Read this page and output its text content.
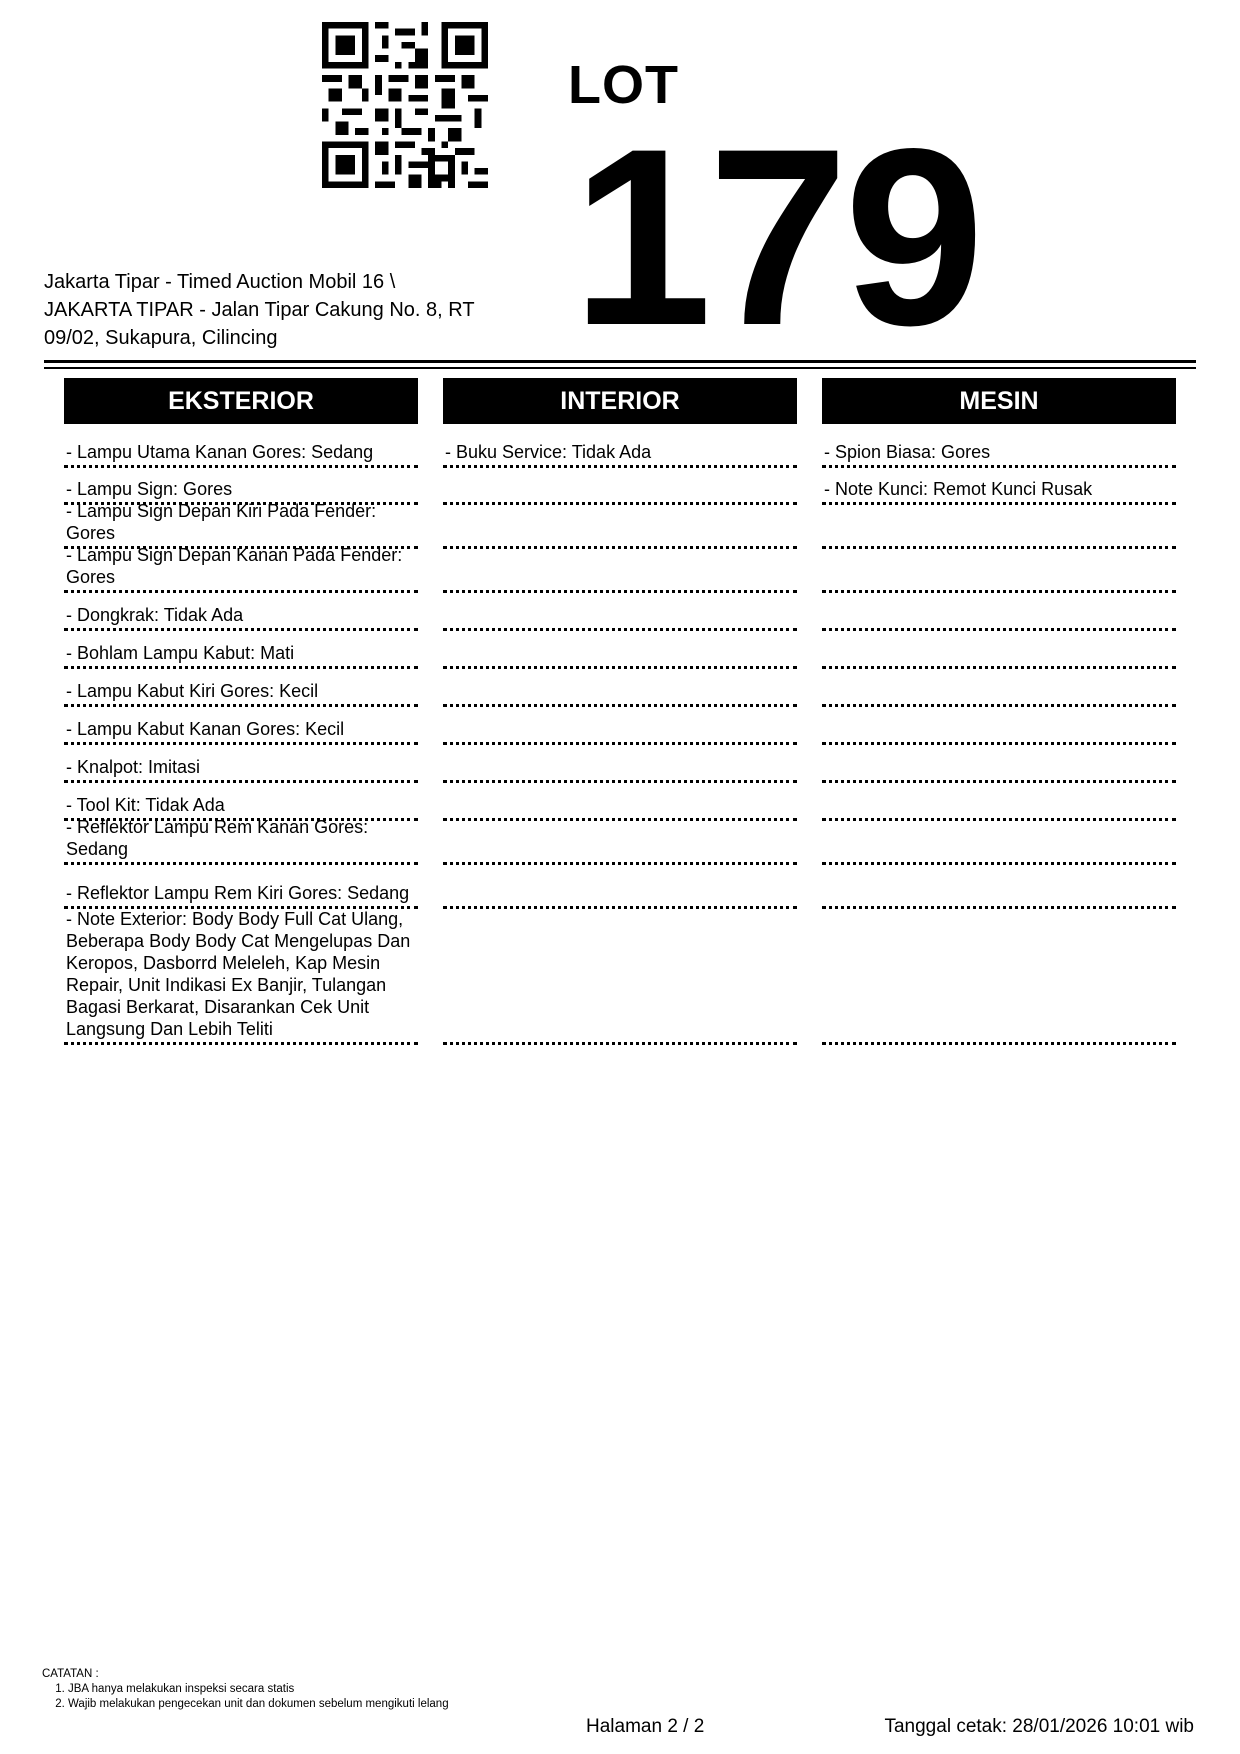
LOT
179
Jakarta Tipar - Timed Auction Mobil 16 \
JAKARTA TIPAR - Jalan Tipar Cakung No. 8, RT
09/02, Sukapura, Cilincing
EKSTERIOR
- Lampu Utama Kanan Gores: Sedang
- Lampu Sign: Gores
- Lampu Sign Depan Kiri Pada Fender: Gores
- Lampu Sign Depan Kanan Pada Fender: Gores
- Dongkrak: Tidak Ada
- Bohlam Lampu Kabut: Mati
- Lampu Kabut Kiri Gores: Kecil
- Lampu Kabut Kanan Gores: Kecil
- Knalpot: Imitasi
- Tool Kit: Tidak Ada
- Reflektor Lampu Rem Kanan Gores: Sedang
- Reflektor Lampu Rem Kiri Gores: Sedang
- Note Exterior: Body Body Full Cat Ulang, Beberapa Body Body Cat Mengelupas Dan Keropos, Dasborrd Meleleh, Kap Mesin Repair, Unit Indikasi Ex Banjir, Tulangan Bagasi Berkarat, Disarankan Cek Unit Langsung Dan Lebih Teliti
INTERIOR
- Buku Service: Tidak Ada
MESIN
- Spion Biasa: Gores
- Note Kunci: Remot Kunci Rusak
CATATAN :
1. JBA hanya melakukan inspeksi secara statis
2. Wajib melakukan pengecekan unit dan dokumen sebelum mengikuti lelang
Halaman 2 / 2	Tanggal cetak: 28/01/2026 10:01 wib
